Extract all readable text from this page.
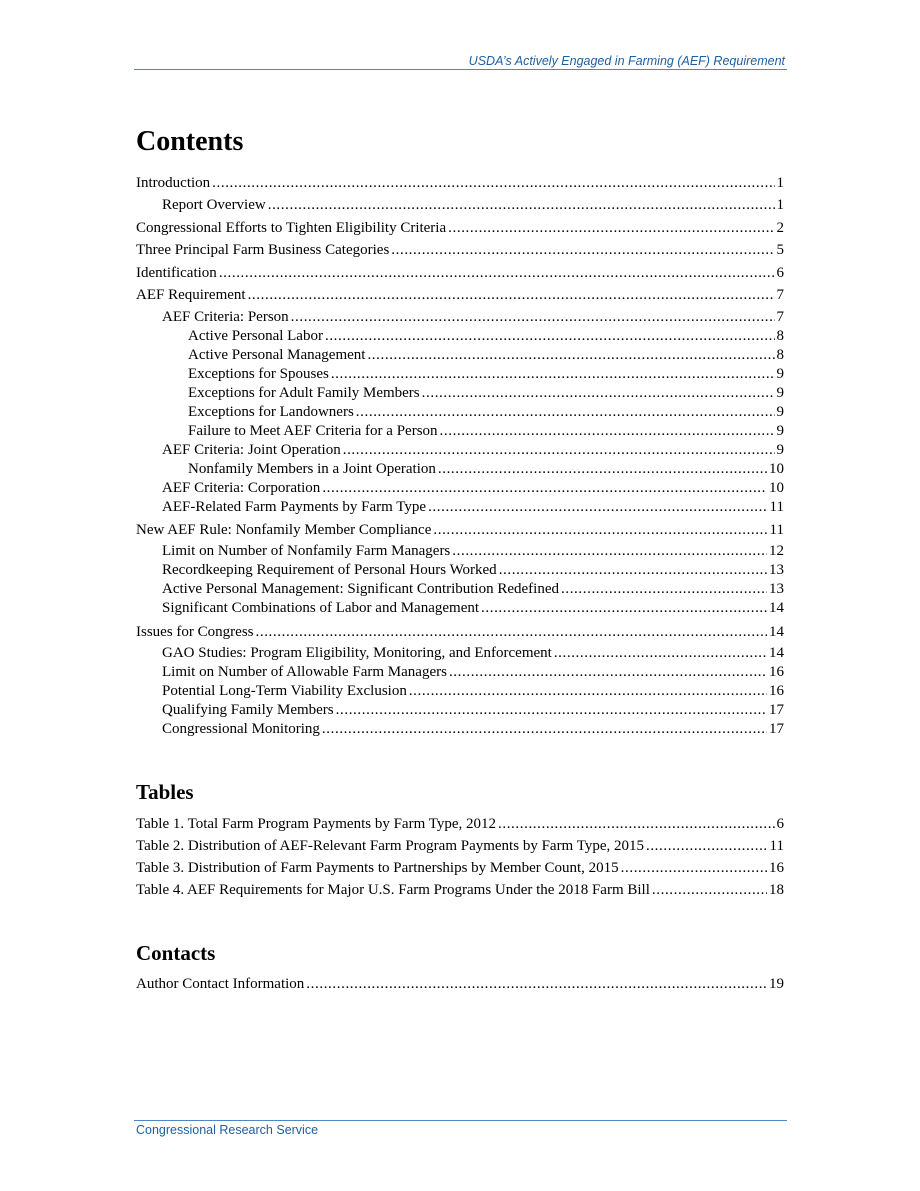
USDA’s Actively Engaged in Farming (AEF) Requirement
Contents
Introduction .....	1
Report Overview .....	1
Congressional Efforts to Tighten Eligibility Criteria .....	2
Three Principal Farm Business Categories .....	5
Identification .....	6
AEF Requirement .....	7
AEF Criteria: Person .....	7
Active Personal Labor .....	8
Active Personal Management .....	8
Exceptions for Spouses .....	9
Exceptions for Adult Family Members .....	9
Exceptions for Landowners .....	9
Failure to Meet AEF Criteria for a Person .....	9
AEF Criteria: Joint Operation .....	9
Nonfamily Members in a Joint Operation .....	10
AEF Criteria: Corporation .....	10
AEF-Related Farm Payments by Farm Type .....	11
New AEF Rule: Nonfamily Member Compliance .....	11
Limit on Number of Nonfamily Farm Managers .....	12
Recordkeeping Requirement of Personal Hours Worked .....	13
Active Personal Management: Significant Contribution Redefined .....	13
Significant Combinations of Labor and Management .....	14
Issues for Congress .....	14
GAO Studies: Program Eligibility, Monitoring, and Enforcement .....	14
Limit on Number of Allowable Farm Managers .....	16
Potential Long-Term Viability Exclusion .....	16
Qualifying Family Members .....	17
Congressional Monitoring .....	17
Tables
Table 1. Total Farm Program Payments by Farm Type, 2012 .....	6
Table 2. Distribution of AEF-Relevant Farm Program Payments by Farm Type, 2015 .....	11
Table 3. Distribution of Farm Payments to Partnerships by Member Count, 2015 .....	16
Table 4. AEF Requirements for Major U.S. Farm Programs Under the 2018 Farm Bill .....	18
Contacts
Author Contact Information .....	19
Congressional Research Service
